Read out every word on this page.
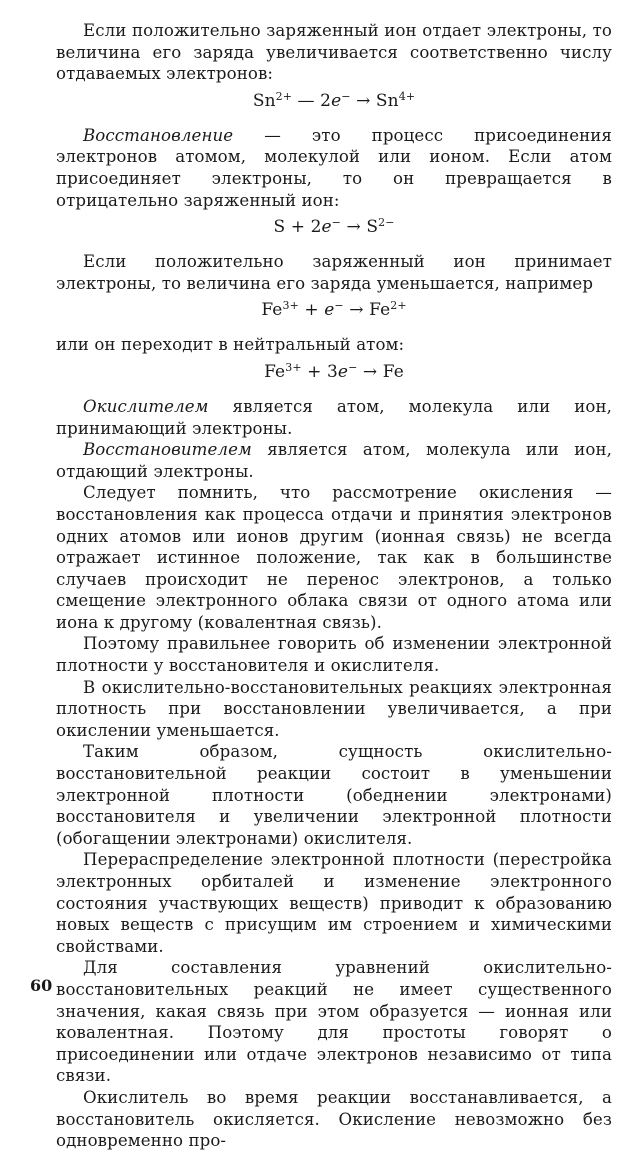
Если положительно заряженный ион отдает электроны, то величина его заряда увеличивается соответственно числу отдаваемых электронов:

$Sn^{2+}$ — $2e^- \to Sn^{4+}$

Восстановление — это процесс присоединения электронов атомом, молекулой или ионом. Если атом присоединяет электроны, то он превращается в отрицательно заряженный ион:

$S + 2e^- \to S^{2-}$

Если положительно заряженный ион принимает электроны, то величина его заряда уменьшается, например

$Fe^{3+} + e^- \to Fe^{2+}$

или он переходит в нейтральный атом:

$Fe^{3+} + 3e^- \to Fe$

Окислителем является атом, молекула или ион, принимающий электроны.

Восстановителем является атом, молекула или ион, отдающий электроны.

Следует помнить, что рассмотрение окисления — восстановления как процесса отдачи и принятия электронов одних атомов или ионов другим (ионная связь) не всегда отражает истинное положение, так как в большинстве случаев происходит не перенос электронов, а только смещение электронного облака связи от одного атома или иона к другому (ковалентная связь).

Поэтому правильнее говорить об изменении электронной плотности у восстановителя и окислителя.

В окислительно-восстановительных реакциях электронная плотность при восстановлении увеличивается, а при окислении уменьшается.

Таким образом, сущность окислительно-восстановительной реакции состоит в уменьшении электронной плотности (обеднении электронами) восстановителя и увеличении электронной плотности (обогащении электронами) окислителя.

Перераспределение электронной плотности (перестройка электронных орбиталей и изменение электронного состояния участвующих веществ) приводит к образованию новых веществ с присущим им строением и химическими свойствами.

Для составления уравнений окислительно-восстановительных реакций не имеет существенного значения, какая связь при этом образуется — ионная или ковалентная. Поэтому для простоты говорят о присоединении или отдаче электронов независимо от типа связи.

Окислитель во время реакции восстанавливается, а восстановитель окисляется. Окисление невозможно без одновременно про-

60
